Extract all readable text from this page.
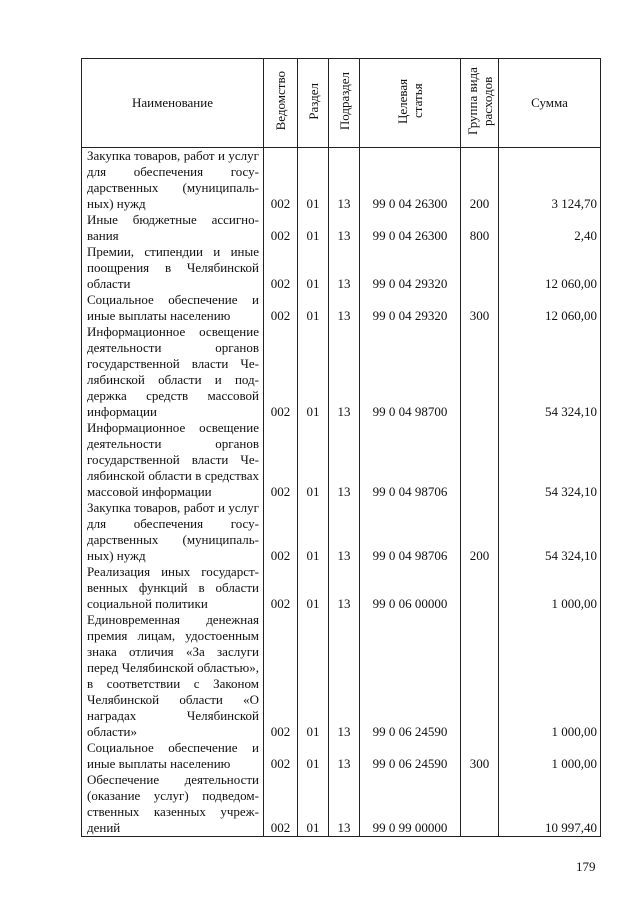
Наименование	Ведомство	Раздел	Подраздел	Целевая статья	Группа вида расходов	Сумма
Закупка товаров, работ и услуг для обеспечения государственных (муниципальных) нужд	002	01	13	99 0 04 26300	200	3 124,70
Иные бюджетные ассигнования	002	01	13	99 0 04 26300	800	2,40
Премии, стипендии и иные поощрения в Челябинской области	002	01	13	99 0 04 29320		12 060,00
Социальное обеспечение и иные выплаты населению	002	01	13	99 0 04 29320	300	12 060,00
Информационное освещение деятельности органов государственной власти Челябинской области и поддержка средств массовой информации	002	01	13	99 0 04 98700		54 324,10
Информационное освещение деятельности органов государственной власти Челябинской области в средствах массовой информации	002	01	13	99 0 04 98706		54 324,10
Закупка товаров, работ и услуг для обеспечения государственных (муниципальных) нужд	002	01	13	99 0 04 98706	200	54 324,10
Реализация иных государственных функций в области социальной политики	002	01	13	99 0 06 00000		1 000,00
Единовременная денежная премия лицам, удостоенным знака отличия «За заслуги перед Челябинской областью», в соответствии с Законом Челябинской области «О наградах Челябинской области»	002	01	13	99 0 06 24590		1 000,00
Социальное обеспечение и иные выплаты населению	002	01	13	99 0 06 24590	300	1 000,00
Обеспечение деятельности (оказание услуг) подведомственных казенных учреждений	002	01	13	99 0 99 00000		10 997,40
179
